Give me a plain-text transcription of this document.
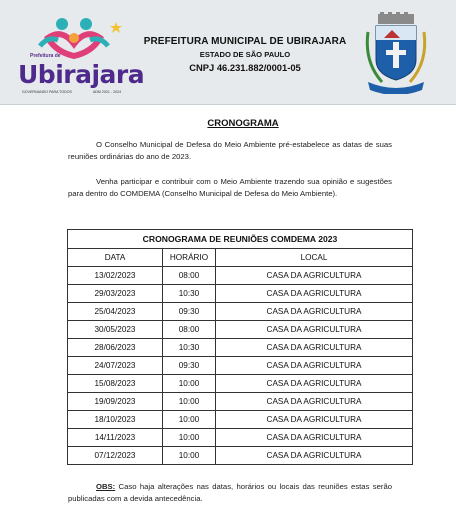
Prefeitura de
Ubirajara
GOVERNANDO PARA TODOS	ADM 2021 - 2024
PREFEITURA MUNICIPAL DE UBIRAJARA
ESTADO DE SÃO PAULO
CNPJ 46.231.882/0001-05
CRONOGRAMA
O Conselho Municipal de Defesa do Meio Ambiente pré-estabelece as datas de suas reuniões ordinárias do ano de 2023.
Venha participar e contribuir com o Meio Ambiente trazendo sua opinião e sugestões para dentro do COMDEMA (Conselho Municipal de Defesa do Meio Ambiente).
CRONOGRAMA DE REUNIÕES COMDEMA 2023		
DATA	HORÁRIO	LOCAL
13/02/2023	08:00	CASA DA AGRICULTURA
29/03/2023	10:30	CASA DA AGRICULTURA
25/04/2023	09:30	CASA DA AGRICULTURA
30/05/2023	08:00	CASA DA AGRICULTURA
28/06/2023	10:30	CASA DA AGRICULTURA
24/07/2023	09:30	CASA DA AGRICULTURA
15/08/2023	10:00	CASA DA AGRICULTURA
19/09/2023	10:00	CASA DA AGRICULTURA
18/10/2023	10:00	CASA DA AGRICULTURA
14/11/2023	10:00	CASA DA AGRICULTURA
07/12/2023	10:00	CASA DA AGRICULTURA
OBS: Caso haja alterações nas datas, horários ou locais das reuniões estas serão publicadas com a devida antecedência.
